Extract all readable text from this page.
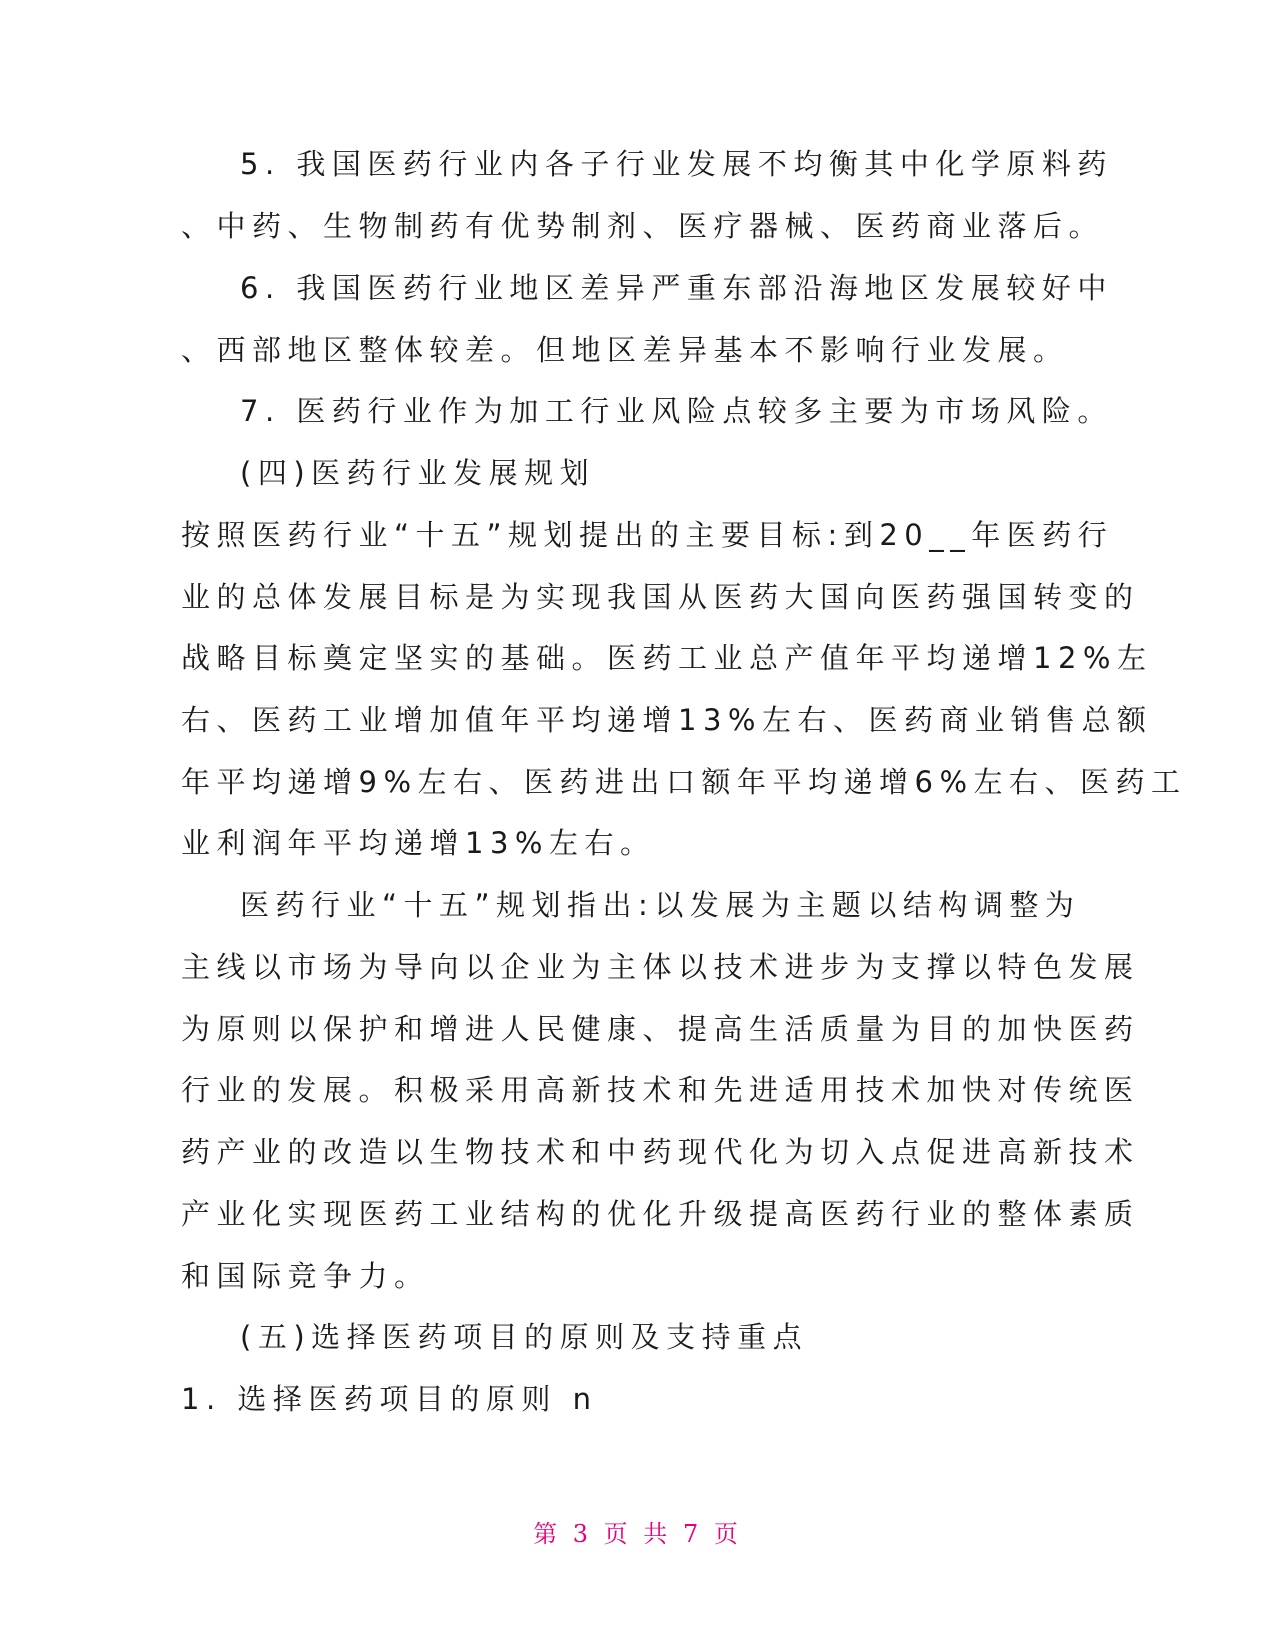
5. 我国医药行业内各子行业发展不均衡其中化学原料药
、中药、生物制药有优势制剂、医疗器械、医药商业落后。
6. 我国医药行业地区差异严重东部沿海地区发展较好中
、西部地区整体较差。但地区差异基本不影响行业发展。
7. 医药行业作为加工行业风险点较多主要为市场风险。
(四)医药行业发展规划
按照医药行业“十五”规划提出的主要目标:到20__年医药行
业的总体发展目标是为实现我国从医药大国向医药强国转变的
战略目标奠定坚实的基础。医药工业总产值年平均递增12%左
右、医药工业增加值年平均递增13%左右、医药商业销售总额
年平均递增9%左右、医药进出口额年平均递增6%左右、医药工
业利润年平均递增13%左右。
医药行业“十五”规划指出:以发展为主题以结构调整为
主线以市场为导向以企业为主体以技术进步为支撑以特色发展
为原则以保护和增进人民健康、提高生活质量为目的加快医药
行业的发展。积极采用高新技术和先进适用技术加快对传统医
药产业的改造以生物技术和中药现代化为切入点促进高新技术
产业化实现医药工业结构的优化升级提高医药行业的整体素质
和国际竞争力。
(五)选择医药项目的原则及支持重点
1. 选择医药项目的原则 n
第 3 页 共 7 页
